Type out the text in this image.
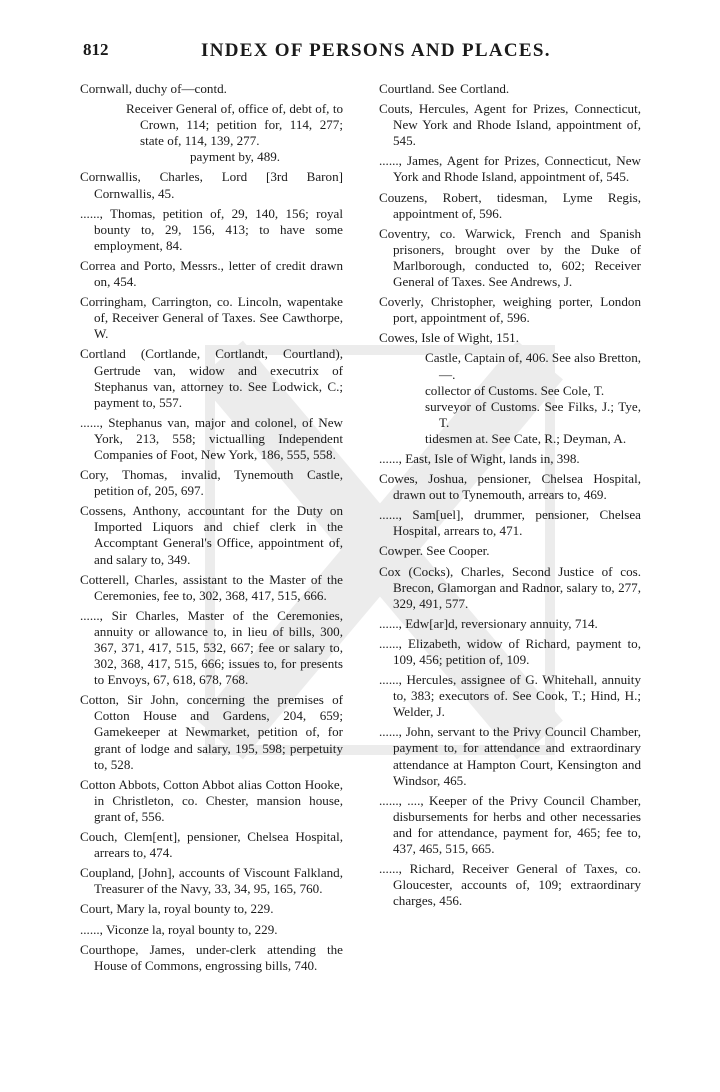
812	INDEX OF PERSONS AND PLACES.
Cornwall, duchy of—contd.
Receiver General of, office of, debt of, to Crown, 114; petition for, 114, 277; state of, 114, 139, 277.
payment by, 489.
Cornwallis, Charles, Lord [3rd Baron] Cornwallis, 45.
......, Thomas, petition of, 29, 140, 156; royal bounty to, 29, 156, 413; to have some employment, 84.
Correa and Porto, Messrs., letter of credit drawn on, 454.
Corringham, Carrington, co. Lincoln, wapentake of, Receiver General of Taxes. See Cawthorpe, W.
Cortland (Cortlande, Cortlandt, Courtland), Gertrude van, widow and executrix of Stephanus van, attorney to. See Lodwick, C.; payment to, 557.
......, Stephanus van, major and colonel, of New York, 213, 558; victualling Independent Companies of Foot, New York, 186, 555, 558.
Cory, Thomas, invalid, Tynemouth Castle, petition of, 205, 697.
Cossens, Anthony, accountant for the Duty on Imported Liquors and chief clerk in the Accomptant General's Office, appointment of, and salary to, 349.
Cotterell, Charles, assistant to the Master of the Ceremonies, fee to, 302, 368, 417, 515, 666.
......, Sir Charles, Master of the Ceremonies, annuity or allowance to, in lieu of bills, 300, 367, 371, 417, 515, 532, 667; fee or salary to, 302, 368, 417, 515, 666; issues to, for presents to Envoys, 67, 618, 678, 768.
Cotton, Sir John, concerning the premises of Cotton House and Gardens, 204, 659; Gamekeeper at Newmarket, petition of, for grant of lodge and salary, 195, 598; perpetuity to, 528.
Cotton Abbots, Cotton Abbot alias Cotton Hooke, in Christleton, co. Chester, mansion house, grant of, 556.
Couch, Clem[ent], pensioner, Chelsea Hospital, arrears to, 474.
Coupland, [John], accounts of Viscount Falkland, Treasurer of the Navy, 33, 34, 95, 165, 760.
Court, Mary la, royal bounty to, 229.
......, Viconze la, royal bounty to, 229.
Courthope, James, under-clerk attending the House of Commons, engrossing bills, 740.
Courtland. See Cortland.
Couts, Hercules, Agent for Prizes, Connecticut, New York and Rhode Island, appointment of, 545.
......, James, Agent for Prizes, Connecticut, New York and Rhode Island, appointment of, 545.
Couzens, Robert, tidesman, Lyme Regis, appointment of, 596.
Coventry, co. Warwick, French and Spanish prisoners, brought over by the Duke of Marlborough, conducted to, 602; Receiver General of Taxes. See Andrews, J.
Coverly, Christopher, weighing porter, London port, appointment of, 596.
Cowes, Isle of Wight, 151.
Castle, Captain of, 406. See also Bretton, —.
collector of Customs. See Cole, T.
surveyor of Customs. See Filks, J.; Tye, T.
tidesmen at. See Cate, R.; Deyman, A.
......, East, Isle of Wight, lands in, 398.
Cowes, Joshua, pensioner, Chelsea Hospital, drawn out to Tynemouth, arrears to, 469.
......, Sam[uel], drummer, pensioner, Chelsea Hospital, arrears to, 471.
Cowper. See Cooper.
Cox (Cocks), Charles, Second Justice of cos. Brecon, Glamorgan and Radnor, salary to, 277, 329, 491, 577.
......, Edw[ar]d, reversionary annuity, 714.
......, Elizabeth, widow of Richard, payment to, 109, 456; petition of, 109.
......, Hercules, assignee of G. Whitehall, annuity to, 383; executors of. See Cook, T.; Hind, H.; Welder, J.
......, John, servant to the Privy Council Chamber, payment to, for attendance and extraordinary attendance at Hampton Court, Kensington and Windsor, 465.
......, ...., Keeper of the Privy Council Chamber, disbursements for herbs and other necessaries and for attendance, payment for, 465; fee to, 437, 465, 515, 665.
......, Richard, Receiver General of Taxes, co. Gloucester, accounts of, 109; extraordinary charges, 456.
